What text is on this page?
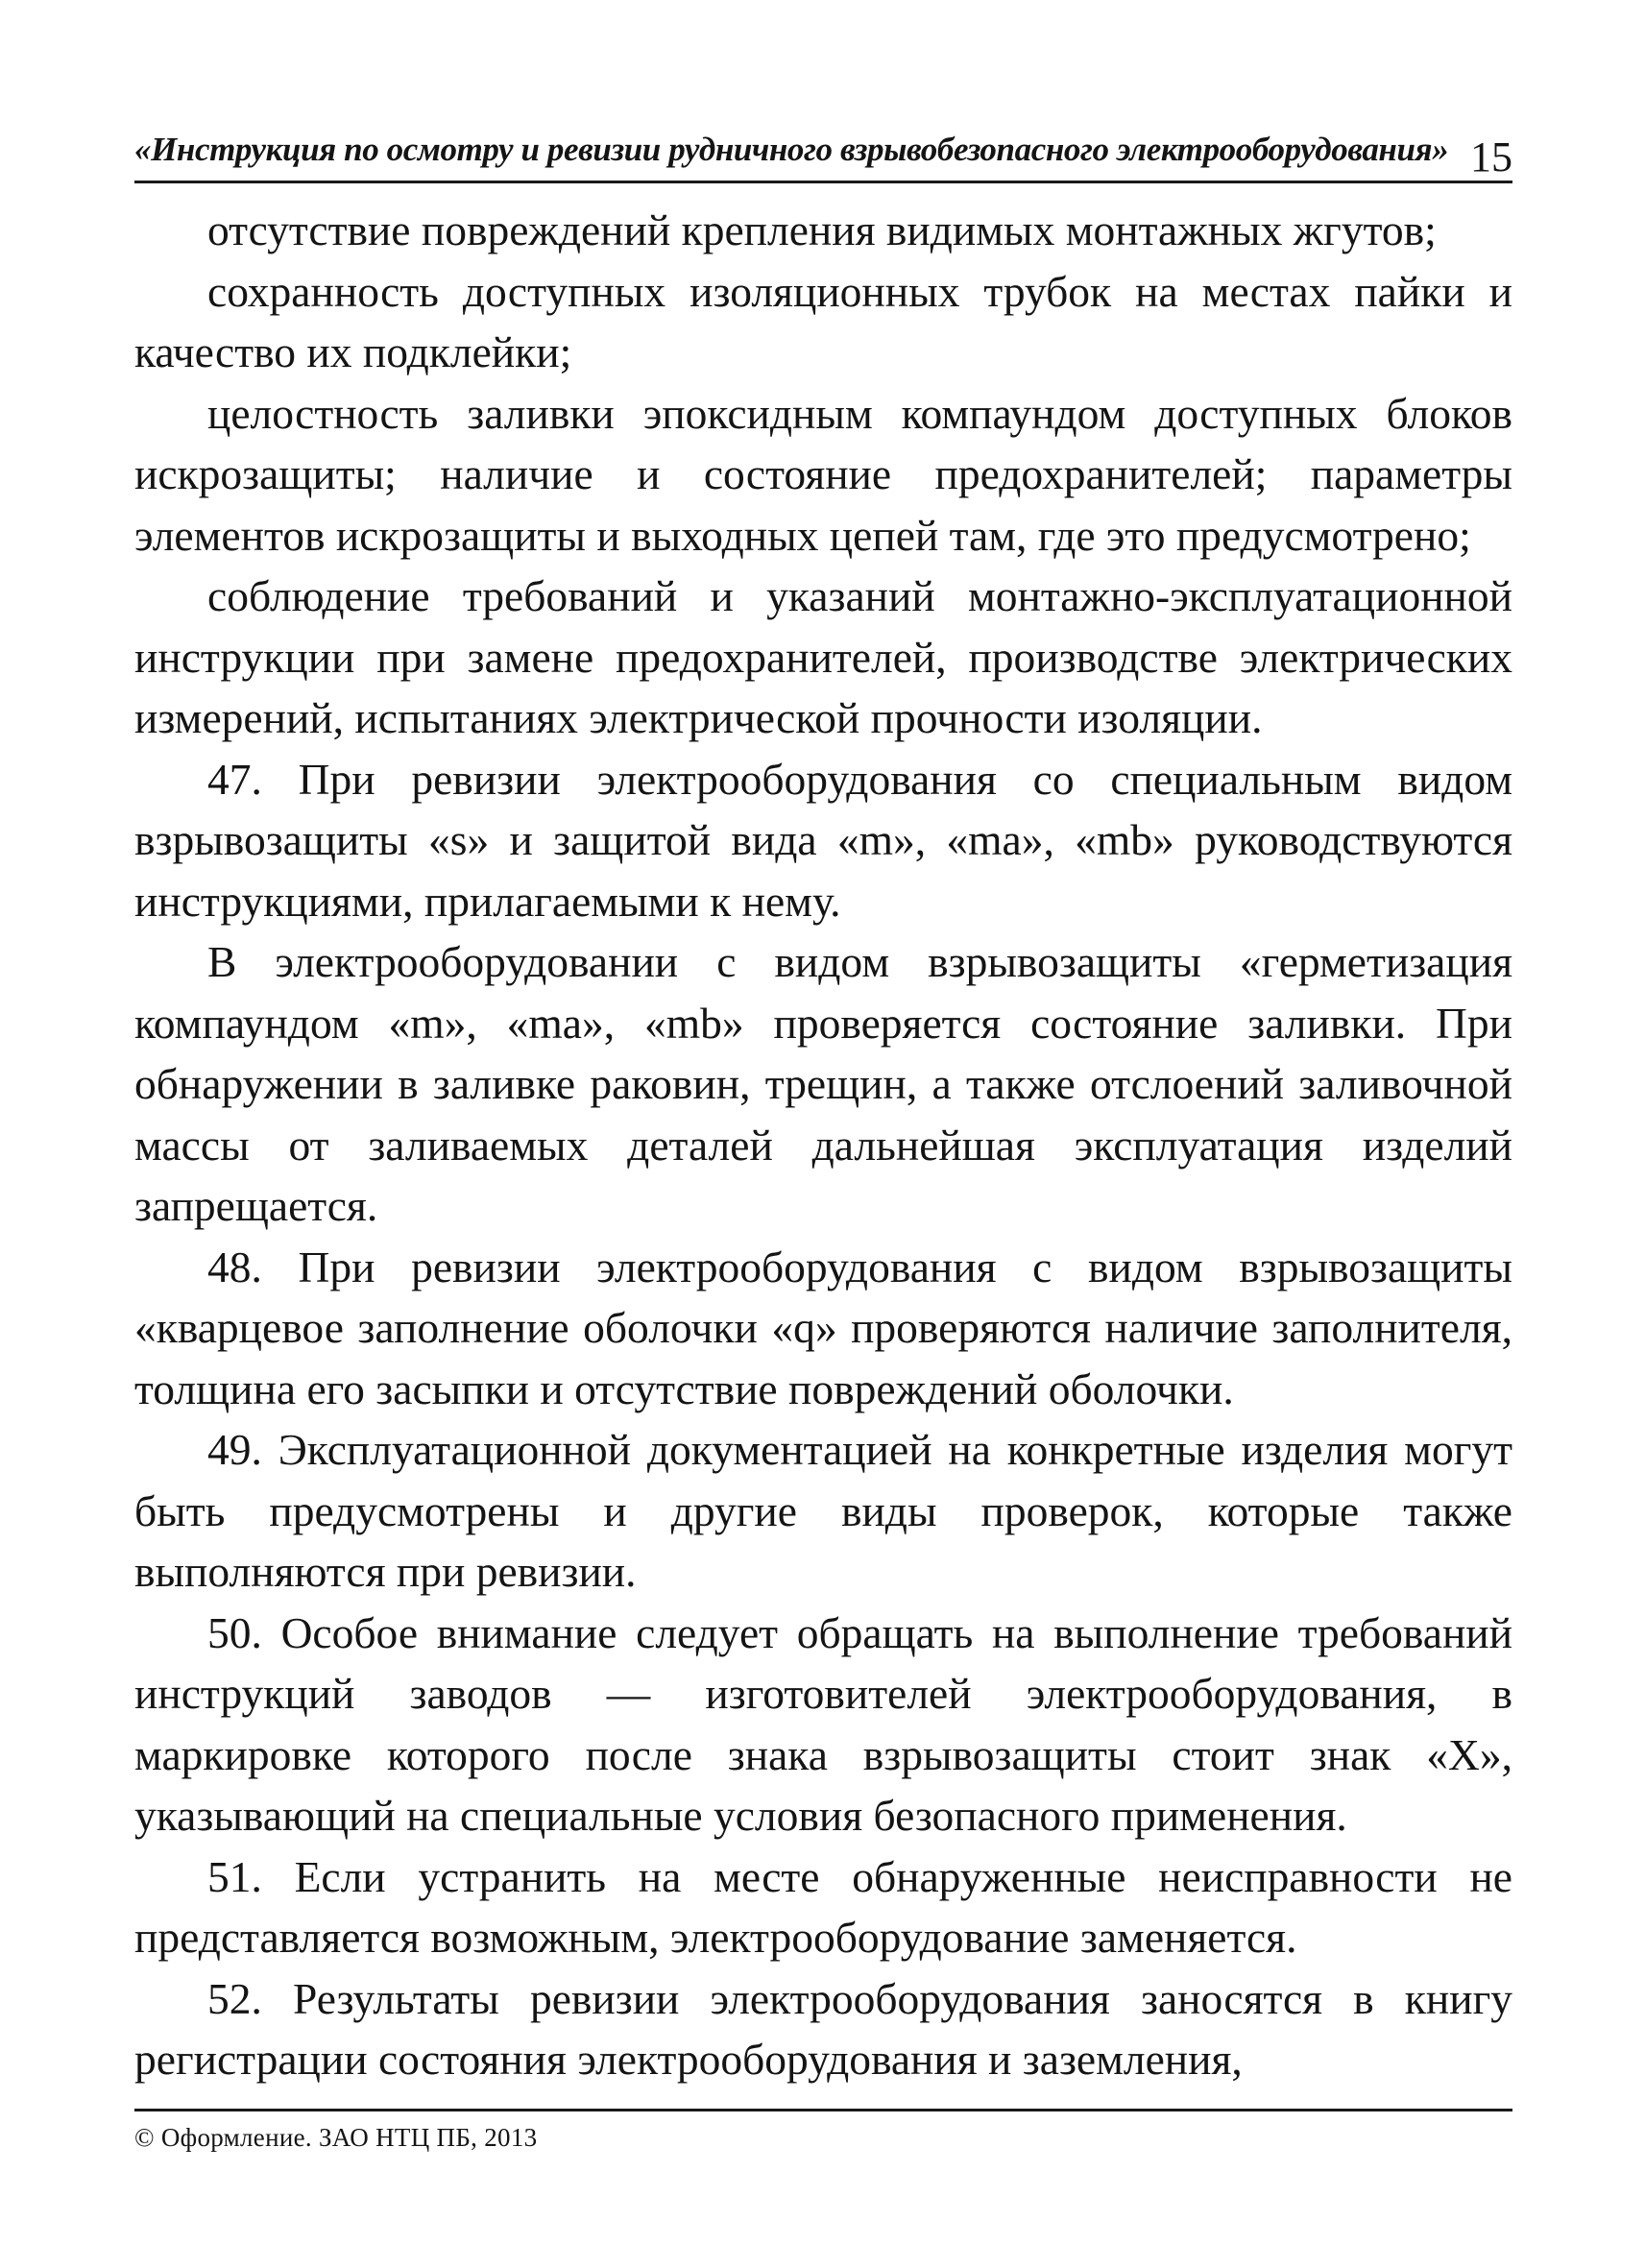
«Инструкция по осмотру и ревизии рудничного взрывобезопасного электрооборудования» 15

отсутствие повреждений крепления видимых монтажных жгутов;

сохранность доступных изоляционных трубок на местах пайки и качество их подклейки;

целостность заливки эпоксидным компаундом доступных блоков искрозащиты; наличие и состояние предохранителей; параметры элементов искрозащиты и выходных цепей там, где это предусмотрено;

соблюдение требований и указаний монтажно-эксплуатационной инструкции при замене предохранителей, производстве электрических измерений, испытаниях электрической прочности изоляции.

47. При ревизии электрооборудования со специальным видом взрывозащиты «s» и защитой вида «m», «ma», «mb» руководствуются инструкциями, прилагаемыми к нему.

В электрооборудовании с видом взрывозащиты «герметизация компаундом «m», «ma», «mb» проверяется состояние заливки. При обнаружении в заливке раковин, трещин, а также отслоений заливочной массы от заливаемых деталей дальнейшая эксплуатация изделий запрещается.

48. При ревизии электрооборудования с видом взрывозащиты «кварцевое заполнение оболочки «q» проверяются наличие заполнителя, толщина его засыпки и отсутствие повреждений оболочки.

49. Эксплуатационной документацией на конкретные изделия могут быть предусмотрены и другие виды проверок, которые также выполняются при ревизии.

50. Особое внимание следует обращать на выполнение требований инструкций заводов — изготовителей электрооборудования, в маркировке которого после знака взрывозащиты стоит знак «X», указывающий на специальные условия безопасного применения.

51. Если устранить на месте обнаруженные неисправности не представляется возможным, электрооборудование заменяется.

52. Результаты ревизии электрооборудования заносятся в книгу регистрации состояния электрооборудования и заземления,

© Оформление. ЗАО НТЦ ПБ, 2013
